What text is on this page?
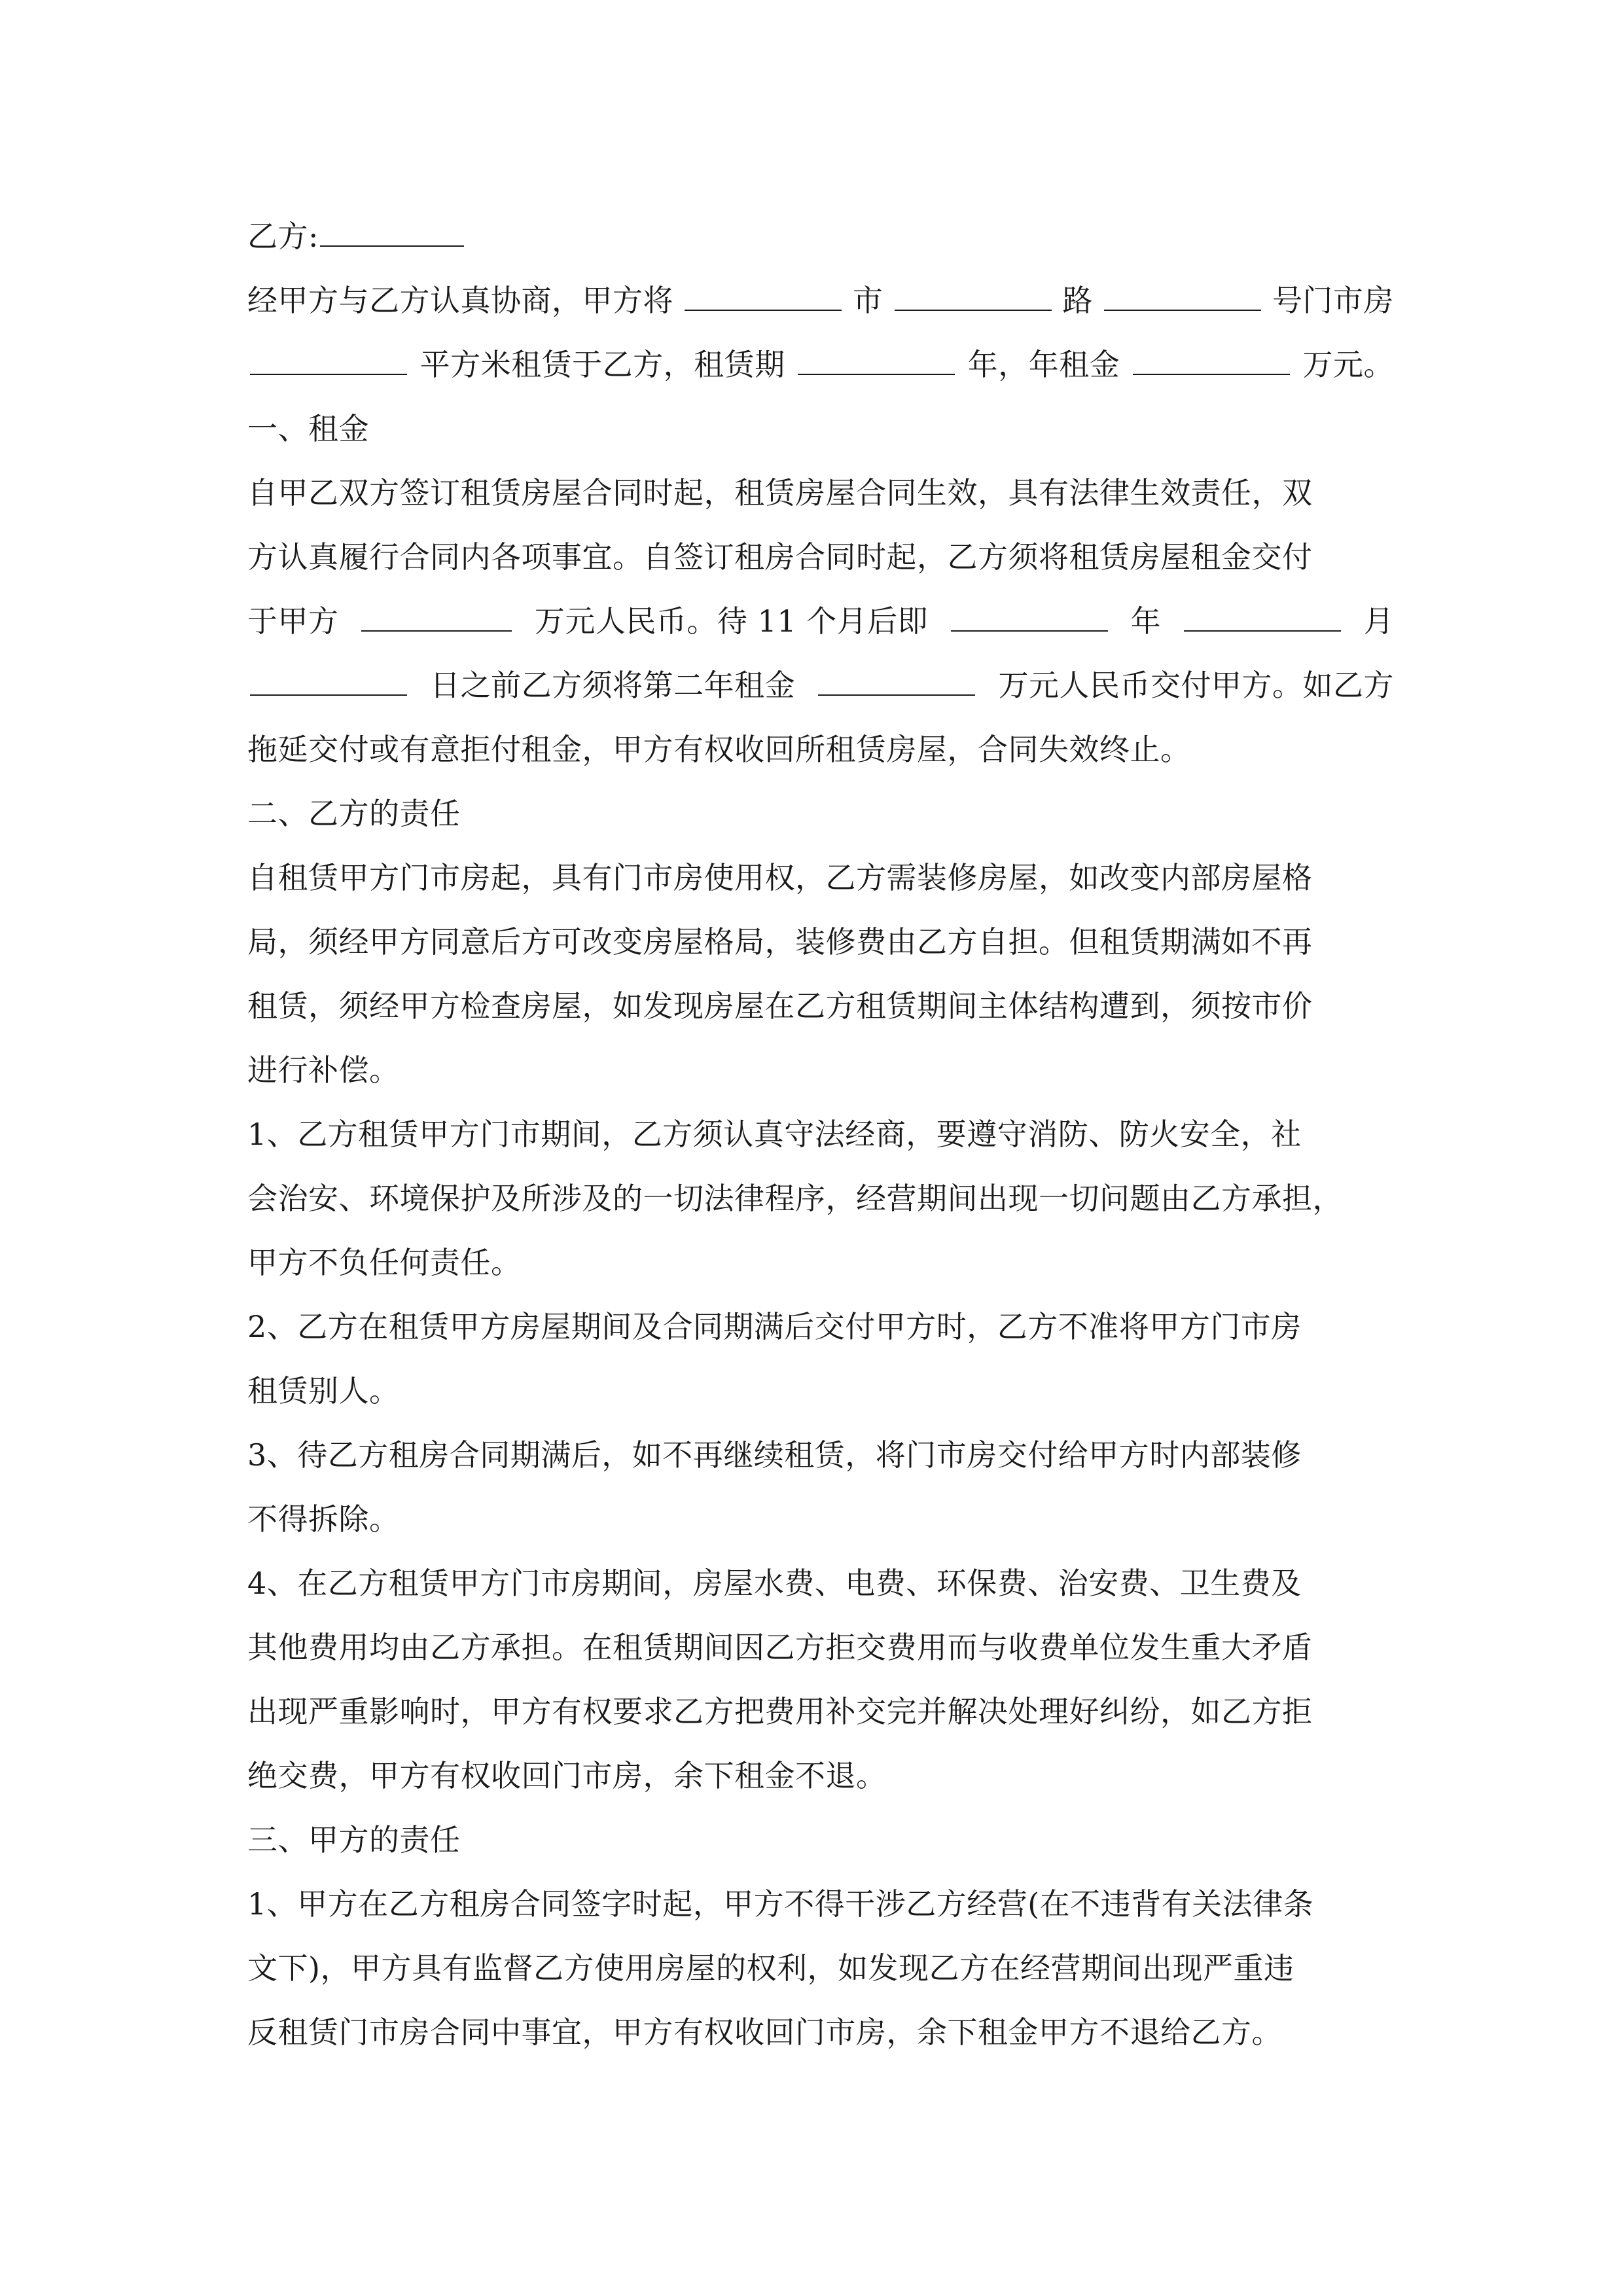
乙方:
经甲方与乙方认真协商，甲方将	市	路	号门市房
平方米租赁于乙方，租赁期	年，年租金	万元。
一、租金
自甲乙双方签订租赁房屋合同时起，租赁房屋合同生效，具有法律生效责任，双
方认真履行合同内各项事宜。自签订租房合同时起，乙方须将租赁房屋租金交付
于甲方	万元人民币。待 11 个月后即	年	月
日之前乙方须将第二年租金	万元人民币交付甲方。如乙方
拖延交付或有意拒付租金，甲方有权收回所租赁房屋，合同失效终止。
二、乙方的责任
自租赁甲方门市房起，具有门市房使用权，乙方需装修房屋，如改变内部房屋格
局，须经甲方同意后方可改变房屋格局，装修费由乙方自担。但租赁期满如不再
租赁，须经甲方检查房屋，如发现房屋在乙方租赁期间主体结构遭到，须按市价
进行补偿。
1、乙方租赁甲方门市期间，乙方须认真守法经商，要遵守消防、防火安全，社
会治安、环境保护及所涉及的一切法律程序，经营期间出现一切问题由乙方承担，
甲方不负任何责任。
2、乙方在租赁甲方房屋期间及合同期满后交付甲方时，乙方不准将甲方门市房
租赁别人。
3、待乙方租房合同期满后，如不再继续租赁，将门市房交付给甲方时内部装修
不得拆除。
4、在乙方租赁甲方门市房期间，房屋水费、电费、环保费、治安费、卫生费及
其他费用均由乙方承担。在租赁期间因乙方拒交费用而与收费单位发生重大矛盾
出现严重影响时，甲方有权要求乙方把费用补交完并解决处理好纠纷，如乙方拒
绝交费，甲方有权收回门市房，余下租金不退。
三、甲方的责任
1、甲方在乙方租房合同签字时起，甲方不得干涉乙方经营(在不违背有关法律条
文下)，甲方具有监督乙方使用房屋的权利，如发现乙方在经营期间出现严重违
反租赁门市房合同中事宜，甲方有权收回门市房，余下租金甲方不退给乙方。
